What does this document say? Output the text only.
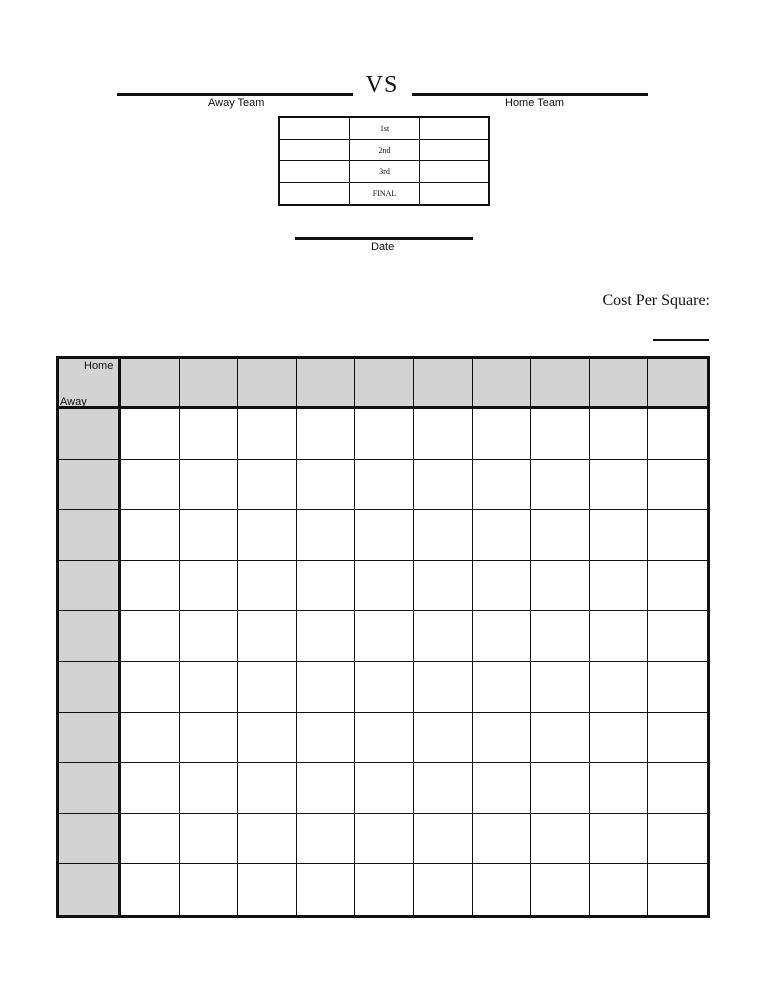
Away Team
VS
Home Team
1st
2nd
3rd
FINAL
Date
Cost Per Square:
Home
Away
